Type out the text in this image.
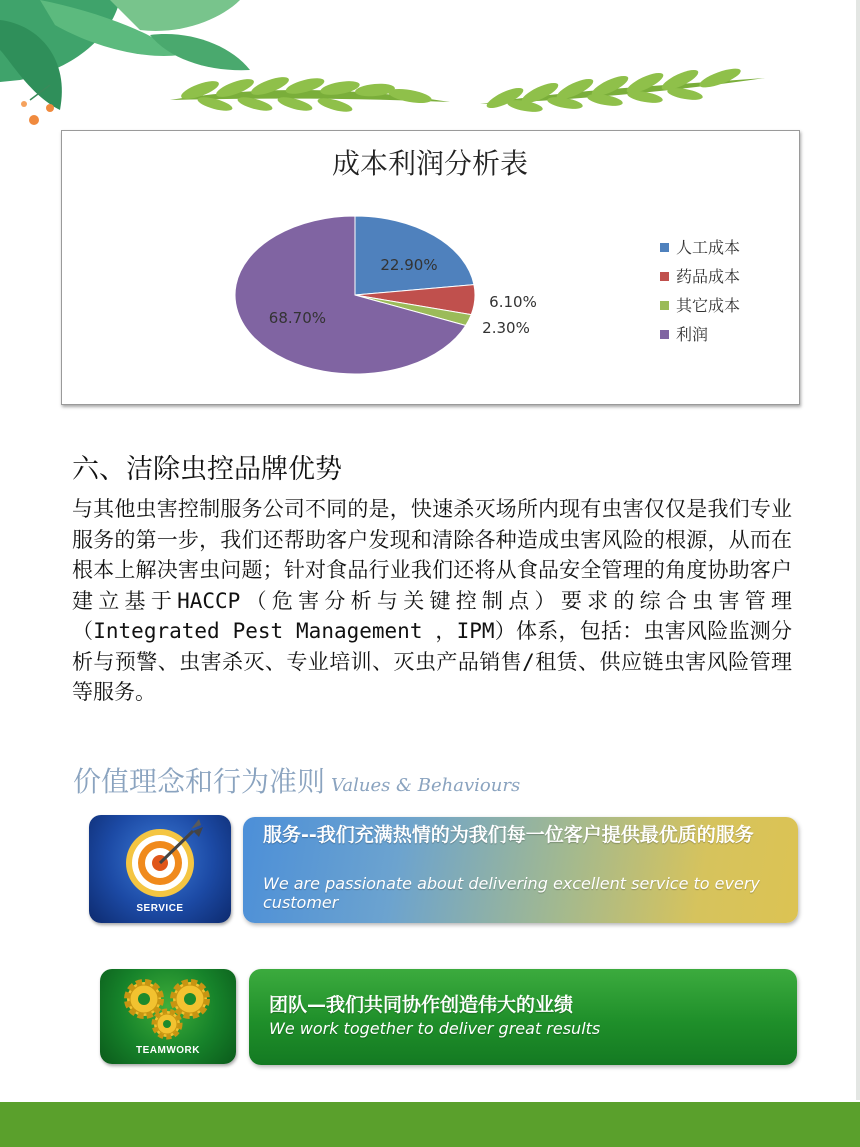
成本利润分析表
22.90%
6.10%
2.30%
68.70%
人工成本
药品成本
其它成本
利润
六、洁除虫控品牌优势

与其他虫害控制服务公司不同的是，快速杀灭场所内现有虫害仅仅是我们专业服务的第一步，我们还帮助客户发现和清除各种造成虫害风险的根源，从而在根本上解决害虫问题；针对食品行业我们还将从食品安全管理的角度协助客户建立基于HACCP（危害分析与关键控制点）要求的综合虫害管理（Integrated Pest Management ，IPM）体系，包括：虫害风险监测分析与预警、虫害杀灭、专业培训、灭虫产品销售/租赁、供应链虫害风险管理等服务。

价值理念和行为准则 Values & Behaviours
SERVICE
服务--我们充满热情的为我们每一位客户提供最优质的服务
We are passionate about delivering excellent service to every customer
TEAMWORK
团队—我们共同协作创造伟大的业绩
We work together to deliver great results
